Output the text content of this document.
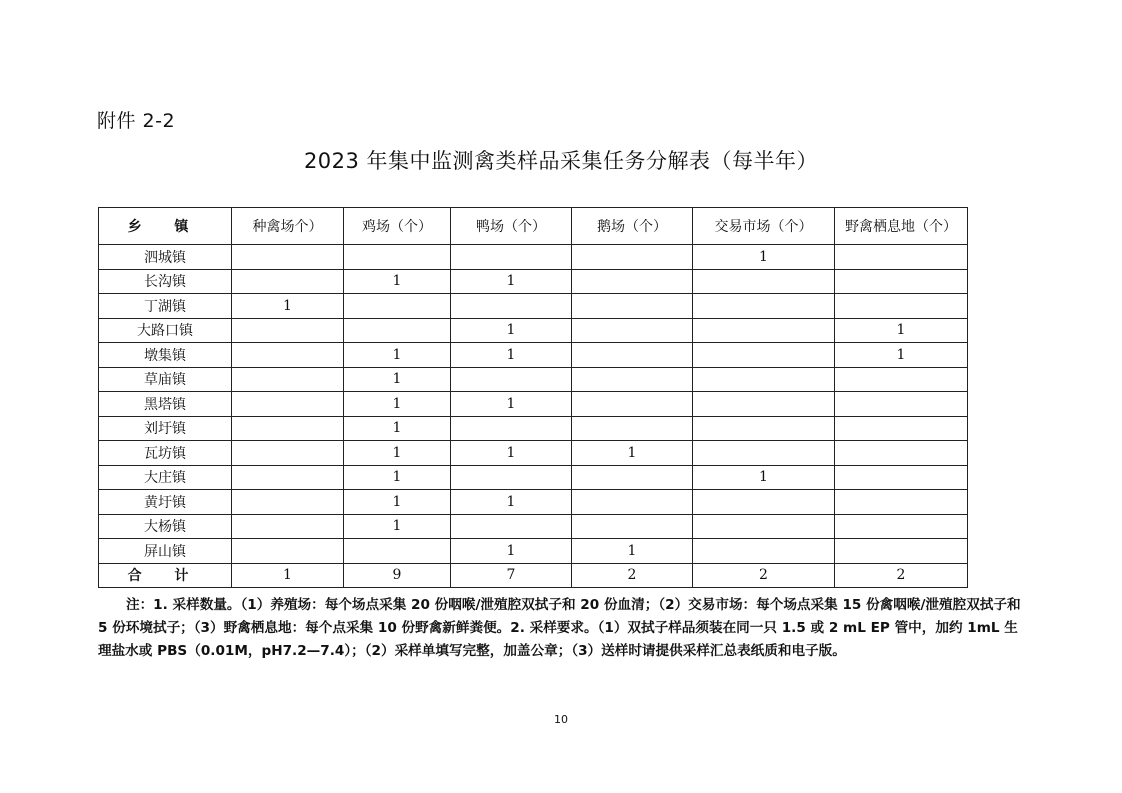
附件 2-2
2023 年集中监测禽类样品采集任务分解表（每半年）
乡 镇	种禽场个）	鸡场（个）	鸭场（个）	鹅场（个）	交易市场（个）	野禽栖息地（个）
泗城镇					1	
长沟镇		1	1			
丁湖镇	1					
大路口镇			1			1
墩集镇		1	1			1
草庙镇		1				
黑塔镇		1	1			
刘圩镇		1				
瓦坊镇		1	1	1		
大庄镇		1			1	
黄圩镇		1	1			
大杨镇		1				
屏山镇			1	1		
合 计	1	9	7	2	2	2
注：1. 采样数量。（1）养殖场：每个场点采集 20 份咽喉/泄殖腔双拭子和 20 份血清；（2）交易市场：每个场点采集 15 份禽咽喉/泄殖腔双拭子和 5 份环境拭子；（3）野禽栖息地：每个点采集 10 份野禽新鲜粪便。2. 采样要求。（1）双拭子样品须装在同一只 1.5 或 2 mL EP 管中，加约 1mL 生理盐水或 PBS（0.01M，pH7.2—7.4）；（2）采样单填写完整，加盖公章；（3）送样时请提供采样汇总表纸质和电子版。
10
